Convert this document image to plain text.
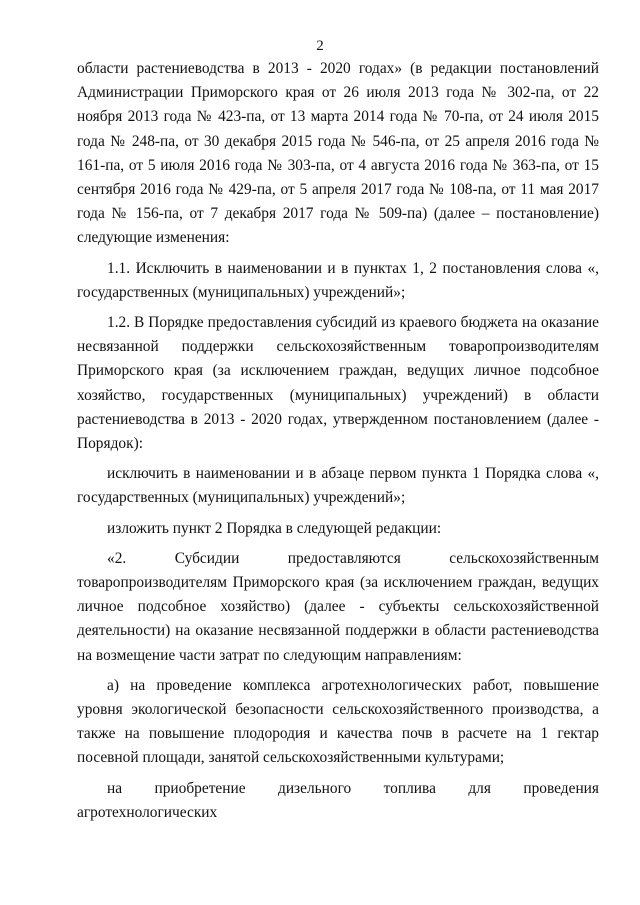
2

области растениеводства в 2013 - 2020 годах» (в редакции постановлений Администрации Приморского края от 26 июля 2013 года № 302-па, от 22 ноября 2013 года № 423-па, от 13 марта 2014 года № 70-па, от 24 июля 2015 года № 248-па, от 30 декабря 2015 года № 546-па, от 25 апреля 2016 года № 161-па, от 5 июля 2016 года № 303-па, от 4 августа 2016 года № 363-па, от 15 сентября 2016 года № 429-па, от 5 апреля 2017 года № 108-па, от 11 мая 2017 года № 156-па, от 7 декабря 2017 года № 509-па) (далее – постановление) следующие изменения:

1.1. Исключить в наименовании и в пунктах 1, 2 постановления слова «, государственных (муниципальных) учреждений»;

1.2. В Порядке предоставления субсидий из краевого бюджета на оказание несвязанной поддержки сельскохозяйственным товаропроизводителям Приморского края (за исключением граждан, ведущих личное подсобное хозяйство, государственных (муниципальных) учреждений) в области растениеводства в 2013 - 2020 годах, утвержденном постановлением (далее - Порядок):

исключить в наименовании и в абзаце первом пункта 1 Порядка слова «, государственных (муниципальных) учреждений»;

изложить пункт 2 Порядка в следующей редакции:

«2. Субсидии предоставляются сельскохозяйственным товаропроизводителям Приморского края (за исключением граждан, ведущих личное подсобное хозяйство) (далее - субъекты сельскохозяйственной деятельности) на оказание несвязанной поддержки в области растениеводства на возмещение части затрат по следующим направлениям:

а) на проведение комплекса агротехнологических работ, повышение уровня экологической безопасности сельскохозяйственного производства, а также на повышение плодородия и качества почв в расчете на 1 гектар посевной площади, занятой сельскохозяйственными культурами;

на приобретение дизельного топлива для проведения агротехнологических
